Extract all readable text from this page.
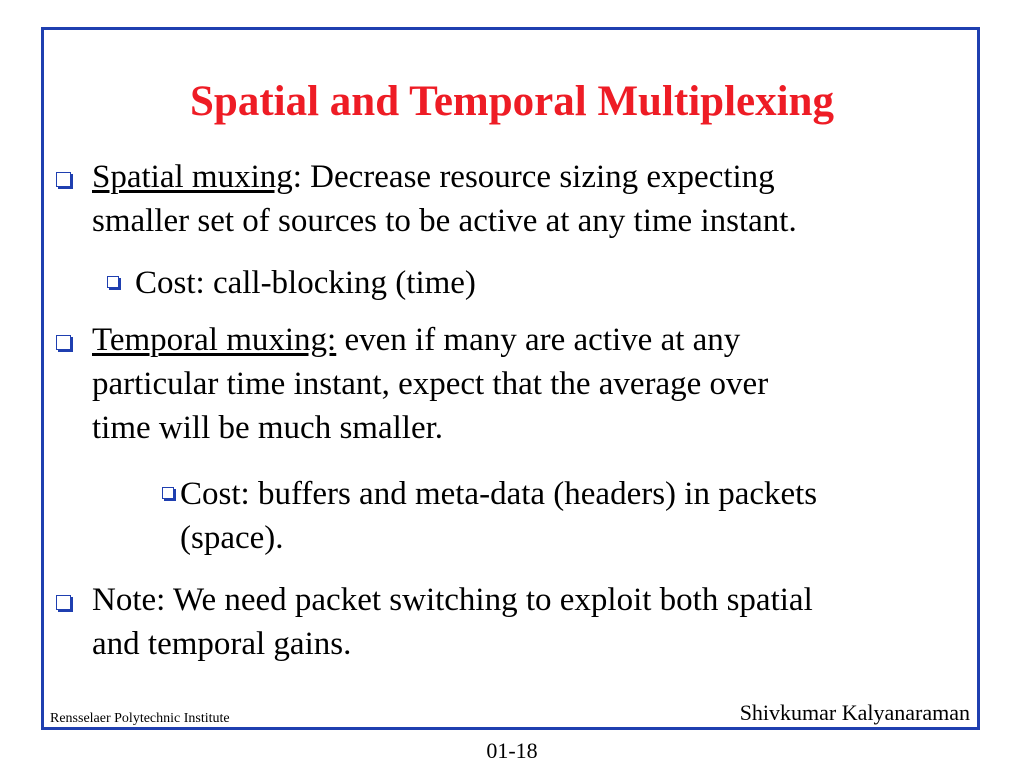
Spatial and Temporal Multiplexing
Spatial muxing: Decrease resource sizing expecting
smaller set of sources to be active at any time instant.
Cost: call-blocking (time)
Temporal muxing: even if many are active at any
particular time instant, expect that the average over
time will be much smaller.
Cost: buffers and meta-data (headers) in packets
(space).
Note: We need packet switching to exploit both spatial
and temporal gains.
Rensselaer Polytechnic Institute	Shivkumar Kalyanaraman
01-18
